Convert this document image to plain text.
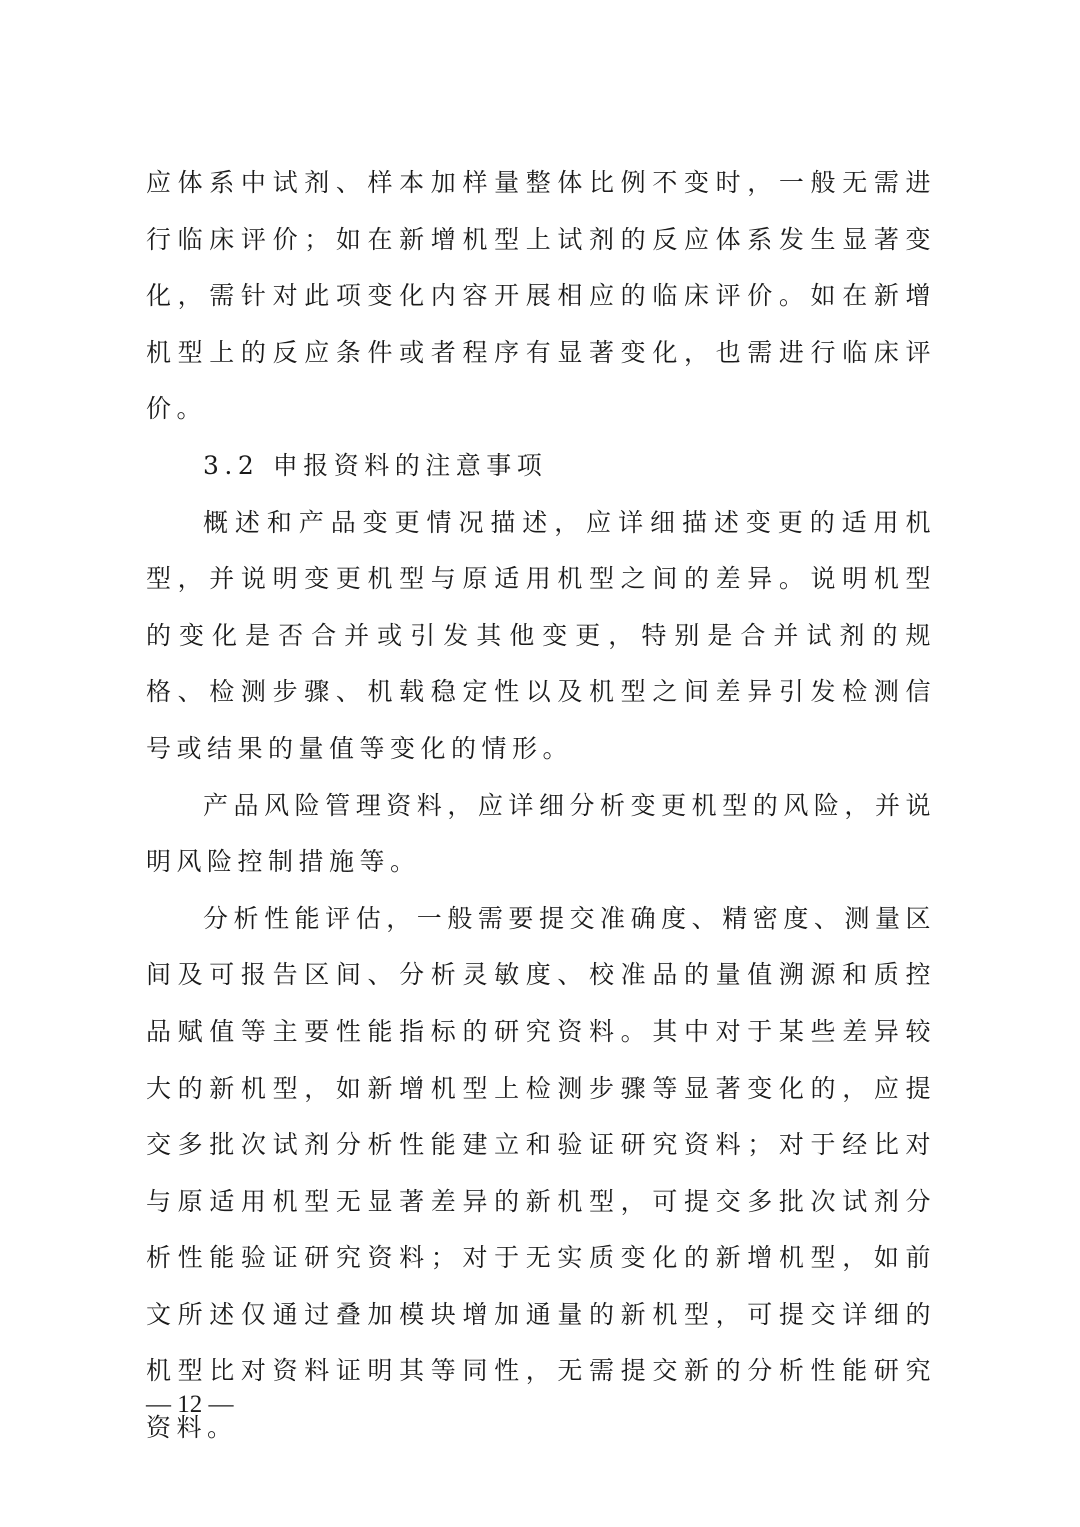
应体系中试剂、样本加样量整体比例不变时，一般无需进行临床评价；如在新增机型上试剂的反应体系发生显著变化，需针对此项变化内容开展相应的临床评价。如在新增机型上的反应条件或者程序有显著变化，也需进行临床评价。

3.2 申报资料的注意事项

概述和产品变更情况描述，应详细描述变更的适用机型，并说明变更机型与原适用机型之间的差异。说明机型的变化是否合并或引发其他变更，特别是合并试剂的规格、检测步骤、机载稳定性以及机型之间差异引发检测信号或结果的量值等变化的情形。

产品风险管理资料，应详细分析变更机型的风险，并说明风险控制措施等。

分析性能评估，一般需要提交准确度、精密度、测量区间及可报告区间、分析灵敏度、校准品的量值溯源和质控品赋值等主要性能指标的研究资料。其中对于某些差异较大的新机型，如新增机型上检测步骤等显著变化的，应提交多批次试剂分析性能建立和验证研究资料；对于经比对与原适用机型无显著差异的新机型，可提交多批次试剂分析性能验证研究资料；对于无实质变化的新增机型，如前文所述仅通过叠加模块增加通量的新机型，可提交详细的机型比对资料证明其等同性，无需提交新的分析性能研究资料。

— 12 —
